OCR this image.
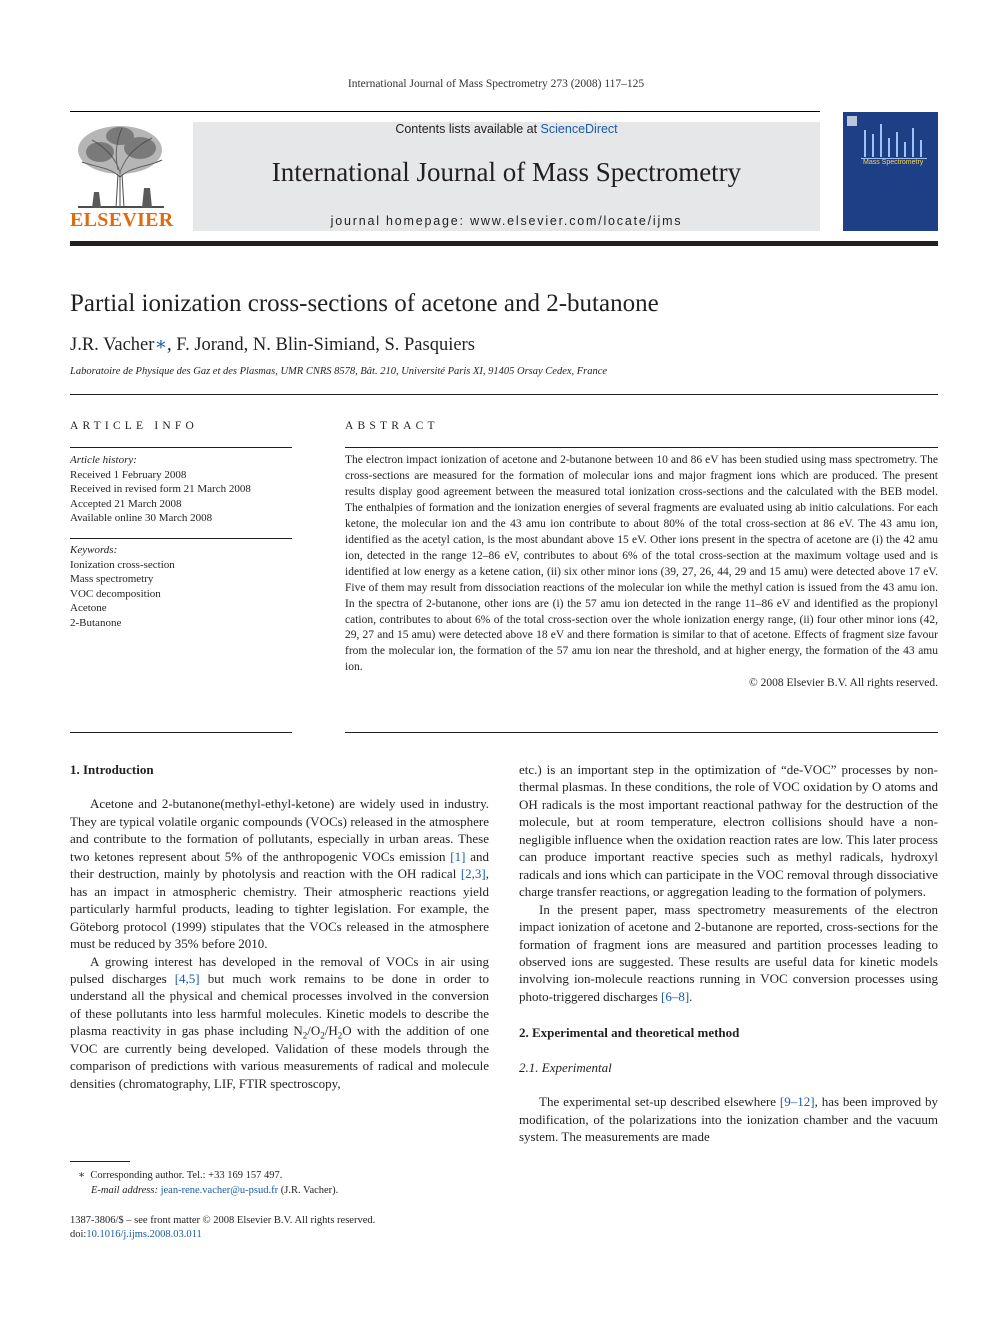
International Journal of Mass Spectrometry 273 (2008) 117–125
ELSEVIER
Contents lists available at ScienceDirect
International Journal of Mass Spectrometry
journal homepage: www.elsevier.com/locate/ijms
Mass Spectrometry
Partial ionization cross-sections of acetone and 2-butanone
J.R. Vacher∗, F. Jorand, N. Blin-Simiand, S. Pasquiers
Laboratoire de Physique des Gaz et des Plasmas, UMR CNRS 8578, Bât. 210, Université Paris XI, 91405 Orsay Cedex, France
ARTICLE INFO
Article history:
Received 1 February 2008
Received in revised form 21 March 2008
Accepted 21 March 2008
Available online 30 March 2008
Keywords:
Ionization cross-section
Mass spectrometry
VOC decomposition
Acetone
2-Butanone
ABSTRACT
The electron impact ionization of acetone and 2-butanone between 10 and 86 eV has been studied using mass spectrometry. The cross-sections are measured for the formation of molecular ions and major fragment ions which are produced. The present results display good agreement between the measured total ionization cross-sections and the calculated with the BEB model. The enthalpies of formation and the ionization energies of several fragments are evaluated using ab initio calculations. For each ketone, the molecular ion and the 43 amu ion contribute to about 80% of the total cross-section at 86 eV. The 43 amu ion, identified as the acetyl cation, is the most abundant above 15 eV. Other ions present in the spectra of acetone are (i) the 42 amu ion, detected in the range 12–86 eV, contributes to about 6% of the total cross-section at the maximum voltage used and is identified at low energy as a ketene cation, (ii) six other minor ions (39, 27, 26, 44, 29 and 15 amu) were detected above 17 eV. Five of them may result from dissociation reactions of the molecular ion while the methyl cation is issued from the 43 amu ion. In the spectra of 2-butanone, other ions are (i) the 57 amu ion detected in the range 11–86 eV and identified as the propionyl cation, contributes to about 6% of the total cross-section over the whole ionization energy range, (ii) four other minor ions (42, 29, 27 and 15 amu) were detected above 18 eV and there formation is similar to that of acetone. Effects of fragment size favour from the molecular ion, the formation of the 57 amu ion near the threshold, and at higher energy, the formation of the 43 amu ion.
© 2008 Elsevier B.V. All rights reserved.

1. Introduction

Acetone and 2-butanone(methyl-ethyl-ketone) are widely used in industry. They are typical volatile organic compounds (VOCs) released in the atmosphere and contribute to the formation of pollutants, especially in urban areas. These two ketones represent about 5% of the anthropogenic VOCs emission [1] and their destruction, mainly by photolysis and reaction with the OH radical [2,3], has an impact in atmospheric chemistry. Their atmospheric reactions yield particularly harmful products, leading to tighter legislation. For example, the Göteborg protocol (1999) stipulates that the VOCs released in the atmosphere must be reduced by 35% before 2010.

A growing interest has developed in the removal of VOCs in air using pulsed discharges [4,5] but much work remains to be done in order to understand all the physical and chemical processes involved in the conversion of these pollutants into less harmful molecules. Kinetic models to describe the plasma reactivity in gas phase including $N_2/O_2/H_2O$ with the addition of one VOC are currently being developed. Validation of these models through the comparison of predictions with various measurements of radical and molecule densities (chromatography, LIF, FTIR spectroscopy,

etc.) is an important step in the optimization of “de-VOC” processes by non-thermal plasmas. In these conditions, the role of VOC oxidation by O atoms and OH radicals is the most important reactional pathway for the destruction of the molecule, but at room temperature, electron collisions should have a non-negligible influence when the oxidation reaction rates are low. This later process can produce important reactive species such as methyl radicals, hydroxyl radicals and ions which can participate in the VOC removal through dissociative charge transfer reactions, or aggregation leading to the formation of polymers.

In the present paper, mass spectrometry measurements of the electron impact ionization of acetone and 2-butanone are reported, cross-sections for the formation of fragment ions are measured and partition processes leading to observed ions are suggested. These results are useful data for kinetic models involving ion-molecule reactions running in VOC conversion processes using photo-triggered discharges [6–8].

2. Experimental and theoretical method

2.1. Experimental

The experimental set-up described elsewhere [9–12], has been improved by modification, of the polarizations into the ionization chamber and the vacuum system. The measurements are made

∗ Corresponding author. Tel.: +33 169 157 497.
E-mail address: jean-rene.vacher@u-psud.fr (J.R. Vacher).
1387-3806/$ – see front matter © 2008 Elsevier B.V. All rights reserved.
doi:10.1016/j.ijms.2008.03.011
